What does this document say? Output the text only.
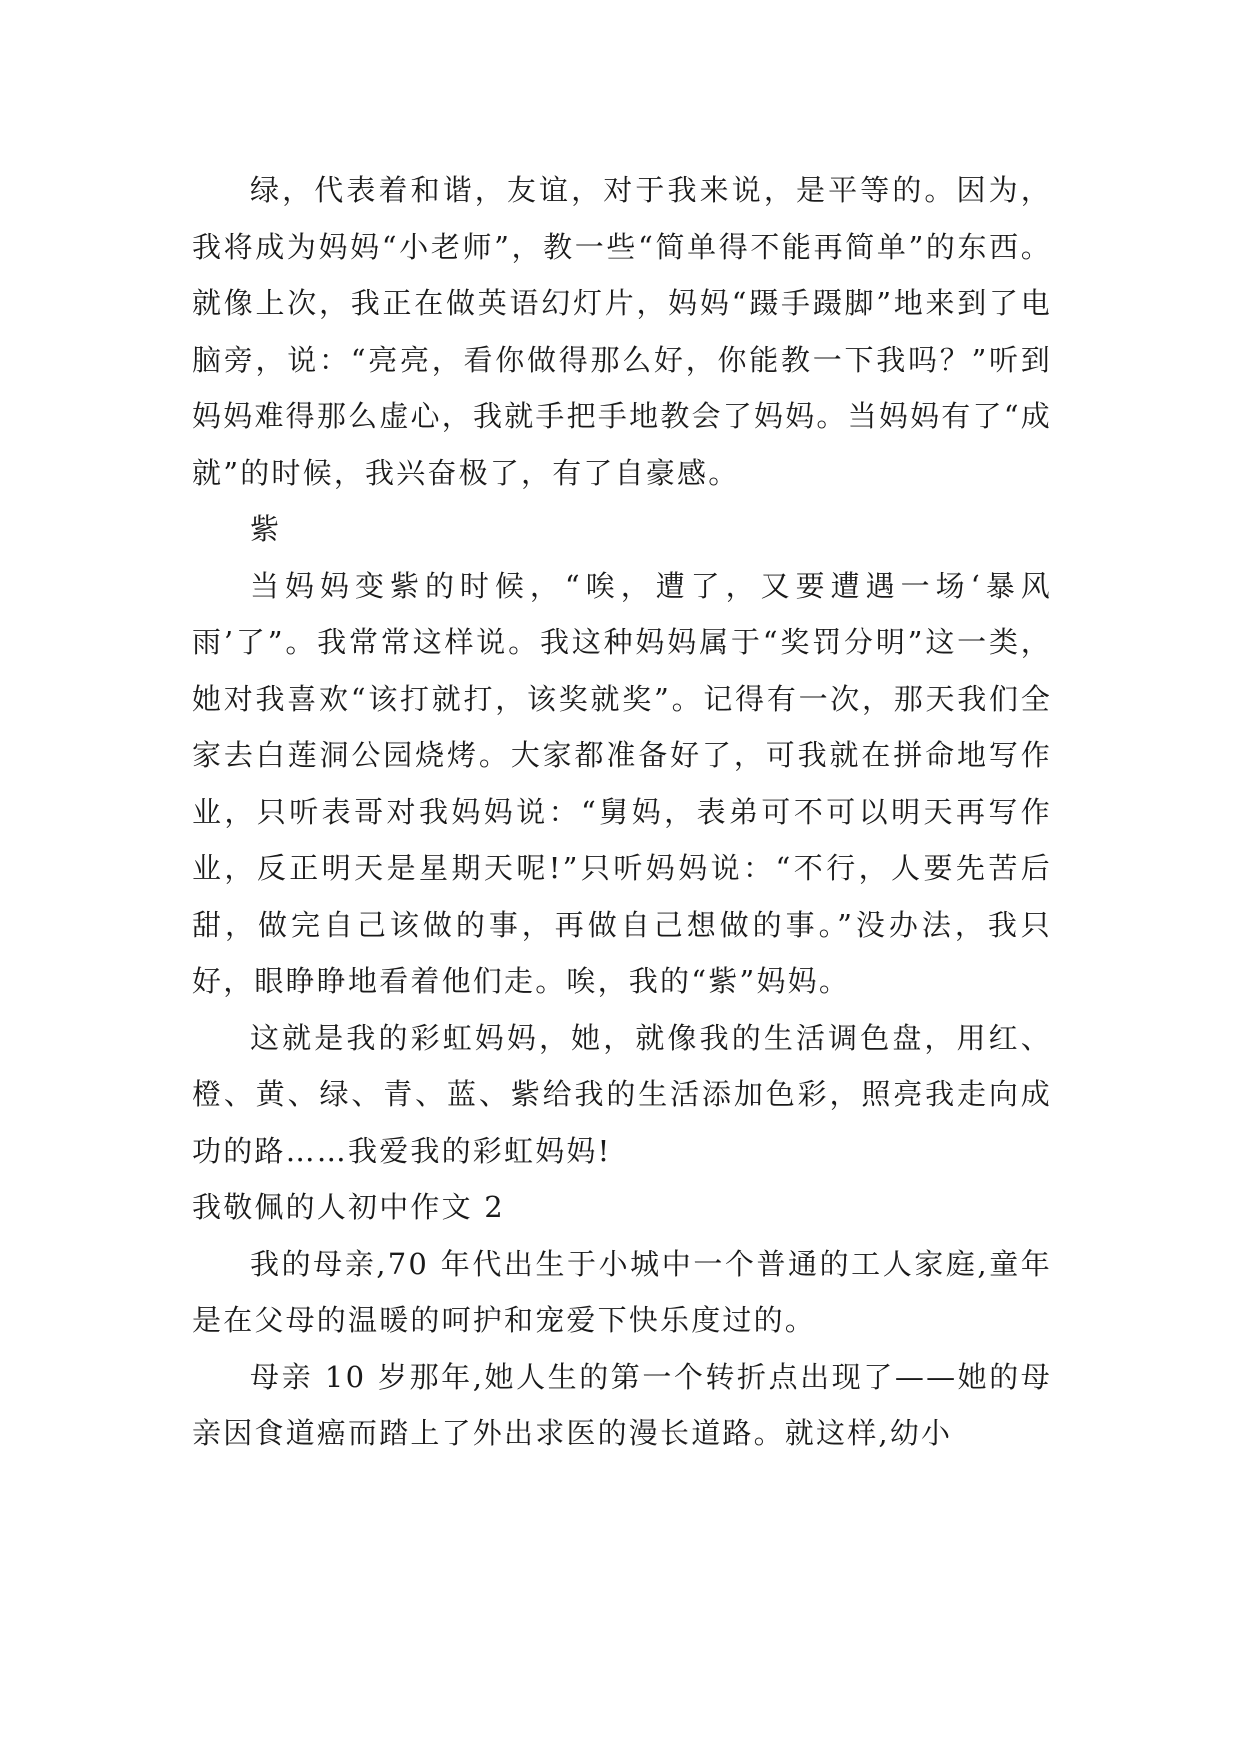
绿，代表着和谐，友谊，对于我来说，是平等的。因为，我将成为妈妈“小老师”，教一些“简单得不能再简单”的东西。就像上次，我正在做英语幻灯片，妈妈“蹑手蹑脚”地来到了电脑旁，说：“亮亮，看你做得那么好，你能教一下我吗？”听到妈妈难得那么虚心，我就手把手地教会了妈妈。当妈妈有了“成就”的时候，我兴奋极了，有了自豪感。

紫

当妈妈变紫的时候，“唉，遭了，又要遭遇一场‘暴风雨’了”。我常常这样说。我这种妈妈属于“奖罚分明”这一类，她对我喜欢“该打就打，该奖就奖”。记得有一次，那天我们全家去白莲洞公园烧烤。大家都准备好了，可我就在拼命地写作业，只听表哥对我妈妈说：“舅妈，表弟可不可以明天再写作业，反正明天是星期天呢!”只听妈妈说：“不行，人要先苦后甜，做完自己该做的事，再做自己想做的事。”没办法，我只好，眼睁睁地看着他们走。唉，我的“紫”妈妈。

这就是我的彩虹妈妈，她，就像我的生活调色盘，用红、橙、黄、绿、青、蓝、紫给我的生活添加色彩，照亮我走向成功的路……我爱我的彩虹妈妈!

我敬佩的人初中作文 2

我的母亲,70 年代出生于小城中一个普通的工人家庭,童年是在父母的温暖的呵护和宠爱下快乐度过的。

母亲 10 岁那年,她人生的第一个转折点出现了——她的母亲因食道癌而踏上了外出求医的漫长道路。就这样,幼小
